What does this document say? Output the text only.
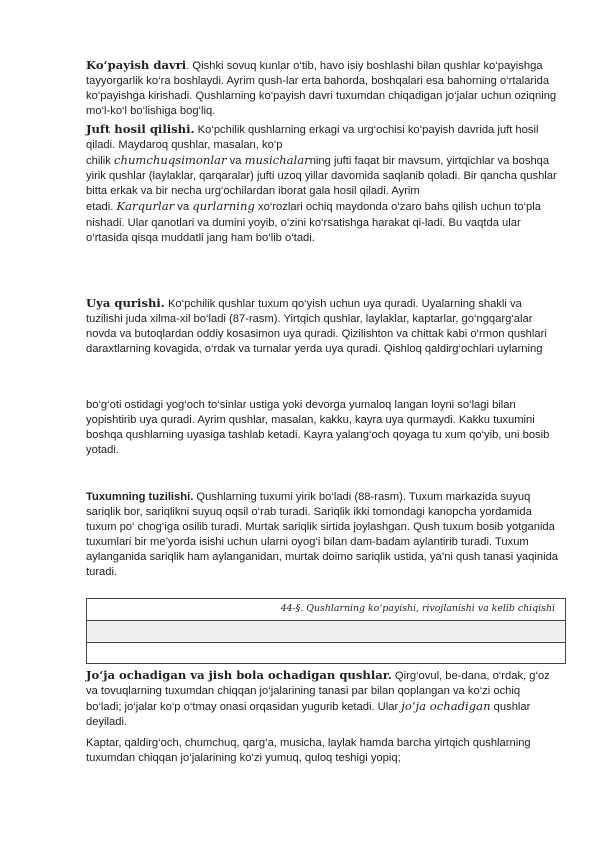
Ko‘payish davri. Qishki sovuq kunlar o‘tib, havo isiy boshlashi bilan qushlar ko‘payishga tayyorgarlik ko‘ra boshlaydi. Ayrim qush-lar erta bahorda, boshqalari esa bahorning o‘rtalarida ko‘payishga kirishadi. Qushlarning ko‘payish davri tuxumdan chiqadigan jo‘jalar uchun oziqning mo‘l-ko‘l bo‘lishiga bog‘liq.

Juft hosil qilishi. Ko‘pchilik qushlarning erkagi va urg‘ochisi ko‘payish davrida juft hosil qiladi. Maydaroq qushlar, masalan, ko‘p
chilik chumchuqsimonlar va musichalarning jufti faqat bir mavsum, yirtqichlar va boshqa yirik qushlar (laylaklar, qarqaralar) jufti uzoq yillar davomida saqlanib qoladi. Bir qancha qushlar bitta erkak va bir necha urg‘ochilardan iborat gala hosil qiladi. Ayrim
etadi. Karqurlar va qurlarning xo‘rozlari ochiq maydonda o‘zaro bahs qilish uchun to‘pla nishadi. Ular qanotlari va dumini yoyib, o‘zini ko‘rsatishga harakat qi-ladi. Bu vaqtda ular o‘rtasida qisqa muddatli jang ham bo‘lib o‘tadi.

Uya qurishi. Ko‘pchilik qushlar tuxum qo‘yish uchun uya quradi. Uyalarning shakli va tuzilishi juda xilma-xil bo‘ladi (87-rasm). Yirtqich qushlar, laylaklar, kaptarlar, go‘ngqarg‘alar novda va butoqlardan oddiy kosasimon uya quradi. Qizilishton va chittak kabi o‘rmon qushlari daraxtlarning kovagida, o‘rdak va turnalar yerda uya quradi. Qishloq qaldirg‘ochlari uylarning

bo‘g‘oti ostidagi yog‘och to‘sinlar ustiga yoki devorga yumaloq langan loyni so‘lagi bilan yopishtirib uya quradi. Ayrim qushlar, masalan, kakku, kayra uya qurmaydi. Kakku tuxumini boshqa qushlarning uyasiga tashlab ketadi. Kayra yalang‘och qoyaga tu xum qo‘yib, uni bosib yotadi.

Tuxumning tuzilishi. Qushlarning tuxumi yirik bo‘ladi (88-rasm). Tuxum markazida suyuq sariqlik bor, sariqlikni suyuq oqsil o‘rab turadi. Sariqlik ikki tomondagi kanopcha yordamida tuxum po‘ chog‘iga osilib turadi. Murtak sariqlik sirtida joylashgan. Qush tuxum bosib yotganida tuxumlari bir me’yorda isishi uchun ularni oyog‘i bilan dam-badam aylantirib turadi. Tuxum aylanganida sariqlik ham aylanganidan, murtak doimo sariqlik ustida, ya’ni qush tanasi yaqinida turadi.

44-§. Qushlarning ko‘payishi, rivojlanishi va kelib chiqishi

Jo‘ja ochadigan va jish bola ochadigan qushlar. Qirg‘ovul, be-dana, o‘rdak, g‘oz va tovuqlarning tuxumdan chiqqan jo‘jalarining tanasi par bilan qoplangan va ko‘zi ochiq bo‘ladi; jo‘jalar ko‘p o‘tmay onasi orqasidan yugurib ketadi. Ular jo‘ja ochadigan qushlar deyiladi.

Kaptar, qaldirg‘och, chumchuq, qarg‘a, musicha, laylak hamda barcha yirtqich qushlarning tuxumdan chiqqan jo‘jalarining ko‘zi yumuq, quloq teshigi yopiq;
